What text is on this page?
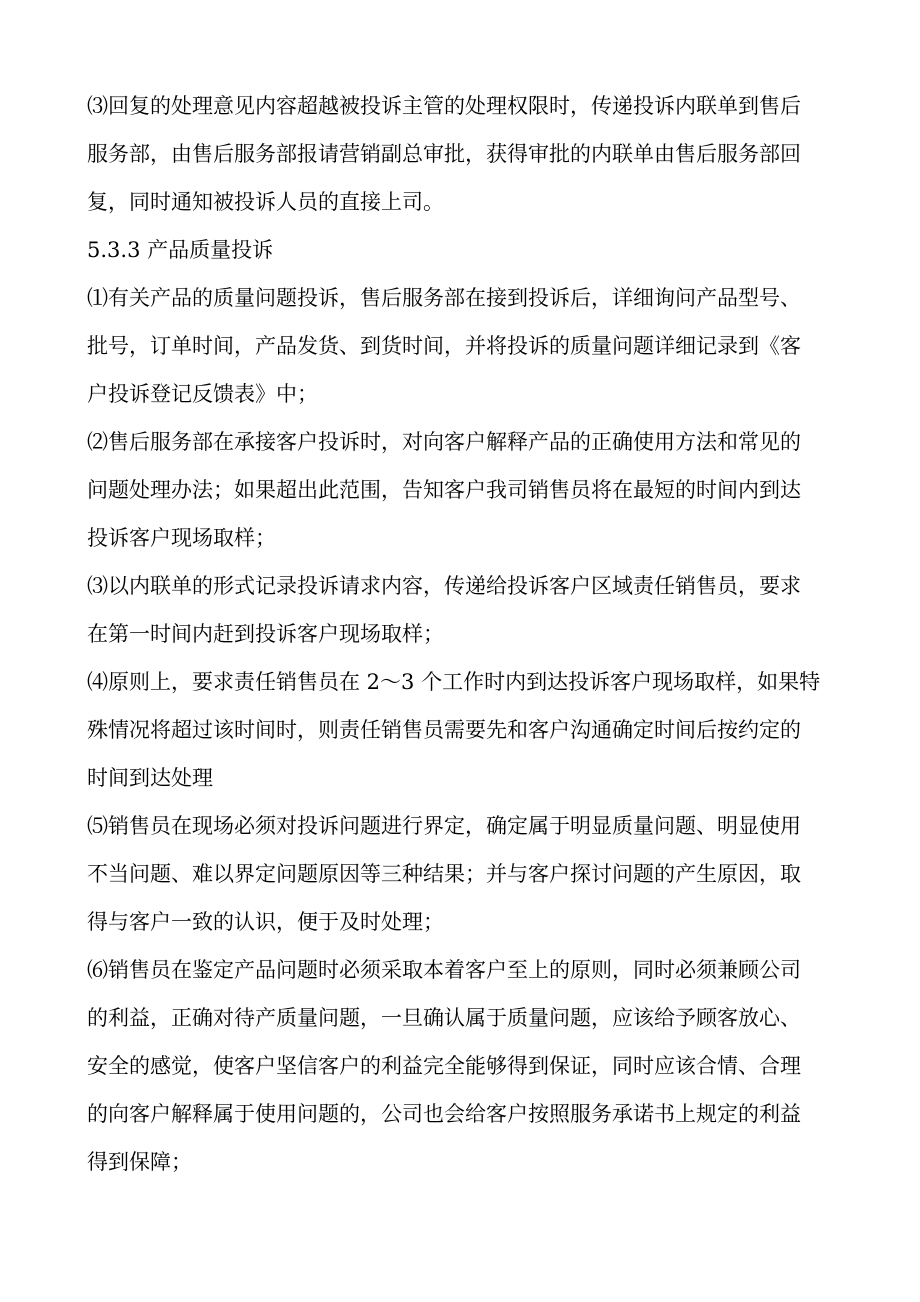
⑶回复的处理意见内容超越被投诉主管的处理权限时，传递投诉内联单到售后
服务部，由售后服务部报请营销副总审批，获得审批的内联单由售后服务部回
复，同时通知被投诉人员的直接上司。
5.3.3 产品质量投诉
⑴有关产品的质量问题投诉，售后服务部在接到投诉后，详细询问产品型号、
批号，订单时间，产品发货、到货时间，并将投诉的质量问题详细记录到《客
户投诉登记反馈表》中；
⑵售后服务部在承接客户投诉时，对向客户解释产品的正确使用方法和常见的
问题处理办法；如果超出此范围，告知客户我司销售员将在最短的时间内到达
投诉客户现场取样；
⑶以内联单的形式记录投诉请求内容，传递给投诉客户区域责任销售员，要求
在第一时间内赶到投诉客户现场取样；
⑷原则上，要求责任销售员在 2～3 个工作时内到达投诉客户现场取样，如果特
殊情况将超过该时间时，则责任销售员需要先和客户沟通确定时间后按约定的
时间到达处理
⑸销售员在现场必须对投诉问题进行界定，确定属于明显质量问题、明显使用
不当问题、难以界定问题原因等三种结果；并与客户探讨问题的产生原因，取
得与客户一致的认识，便于及时处理；
⑹销售员在鉴定产品问题时必须采取本着客户至上的原则，同时必须兼顾公司
的利益，正确对待产质量问题，一旦确认属于质量问题，应该给予顾客放心、
安全的感觉，使客户坚信客户的利益完全能够得到保证，同时应该合情、合理
的向客户解释属于使用问题的，公司也会给客户按照服务承诺书上规定的利益
得到保障；
